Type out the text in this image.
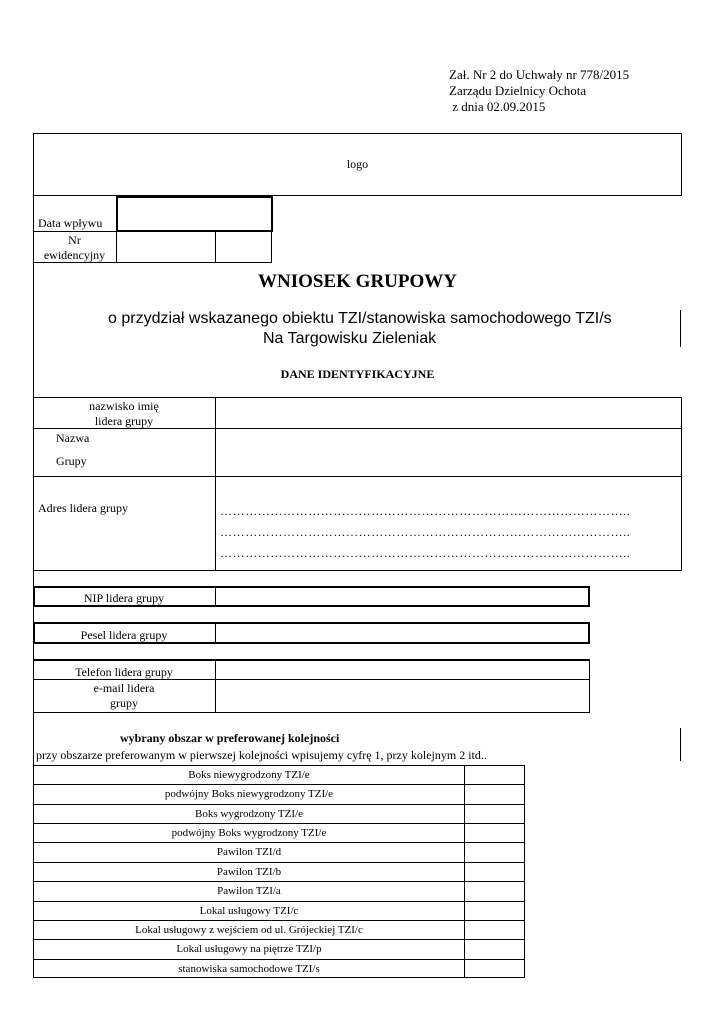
Zał. Nr 2 do Uchwały nr 778/2015
Zarządu Dzielnicy Ochota
z dnia 02.09.2015
logo
Data wpływu
Nr
ewidencyjny
WNIOSEK GRUPOWY
o przydział wskazanego obiektu TZI/stanowiska samochodowego TZI/s
Na Targowisku Zieleniak
DANE IDENTYFIKACYJNE
nazwisko imię
lidera grupy
Nazwa
Grupy
Adres lidera grupy	……………………………………………………………………………………..
……………………………………………………………………………………..
……………………………………………………………………………………..
NIP lidera grupy
Pesel lidera grupy
Telefon lidera grupy
e-mail lidera
grupy
wybrany obszar w preferowanej kolejności
przy obszarze preferowanym w pierwszej kolejności wpisujemy cyfrę 1, przy kolejnym 2 itd..
Boks niewygrodzony TZI/e
podwójny Boks niewygrodzony TZI/e
Boks wygrodzony TZI/e
podwójny Boks wygrodzony TZI/e
Pawilon TZI/d
Pawilon TZI/b
Pawilon TZI/a
Lokal usługowy TZI/c
Lokal usługowy z wejściem od ul. Grójeckiej TZI/c
Lokal usługowy na piętrze TZI/p
stanowiska samochodowe TZI/s
